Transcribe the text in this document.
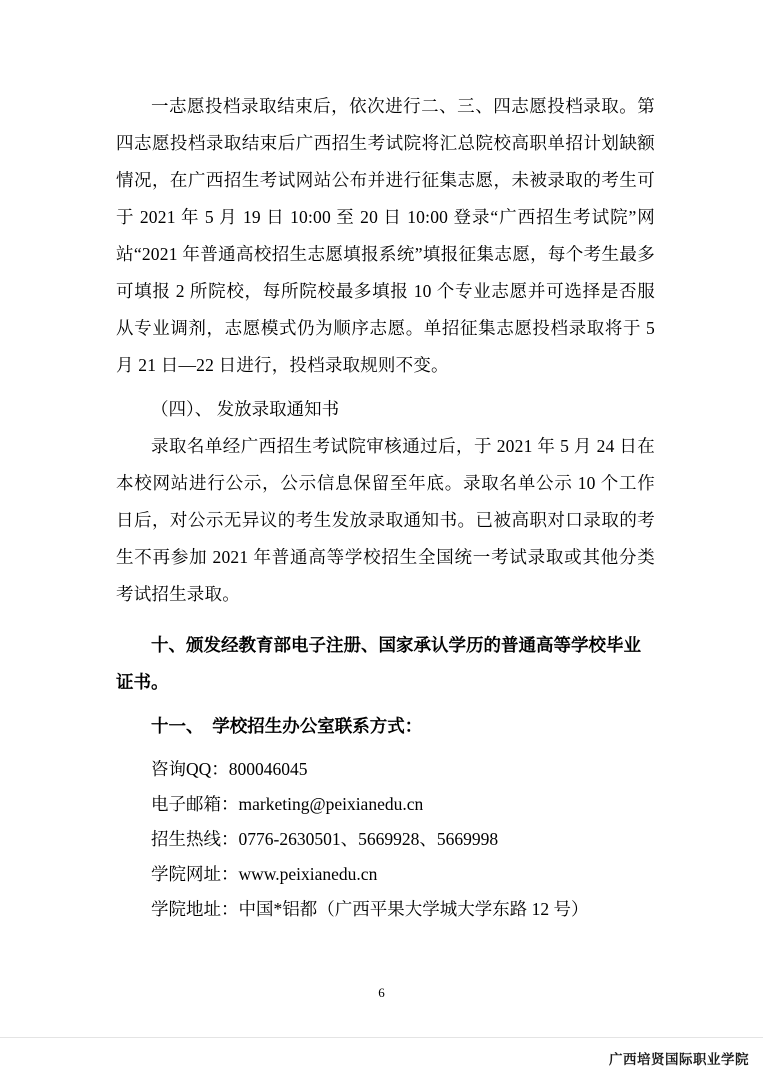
一志愿投档录取结束后，依次进行二、三、四志愿投档录取。第四志愿投档录取结束后广西招生考试院将汇总院校高职单招计划缺额情况，在广西招生考试网站公布并进行征集志愿，未被录取的考生可于 2021 年 5 月 19 日 10:00 至 20 日 10:00 登录“广西招生考试院”网站“2021 年普通高校招生志愿填报系统”填报征集志愿，每个考生最多可填报 2 所院校，每所院校最多填报 10 个专业志愿并可选择是否服从专业调剂，志愿模式仍为顺序志愿。单招征集志愿投档录取将于 5 月 21 日—22 日进行，投档录取规则不变。

（四）、 发放录取通知书

录取名单经广西招生考试院审核通过后，于 2021 年 5 月 24 日在本校网站进行公示，公示信息保留至年底。录取名单公示 10 个工作日后，对公示无异议的考生发放录取通知书。已被高职对口录取的考生不再参加 2021 年普通高等学校招生全国统一考试录取或其他分类考试招生录取。

十、颁发经教育部电子注册、国家承认学历的普通高等学校毕业证书。

十一、  学校招生办公室联系方式：

咨询QQ：800046045

电子邮箱：marketing@peixianedu.cn

招生热线：0776-2630501、5669928、5669998

学院网址：www.peixianedu.cn

学院地址：中国*铝都（广西平果大学城大学东路 12 号）

6
广西培贤国际职业学院
